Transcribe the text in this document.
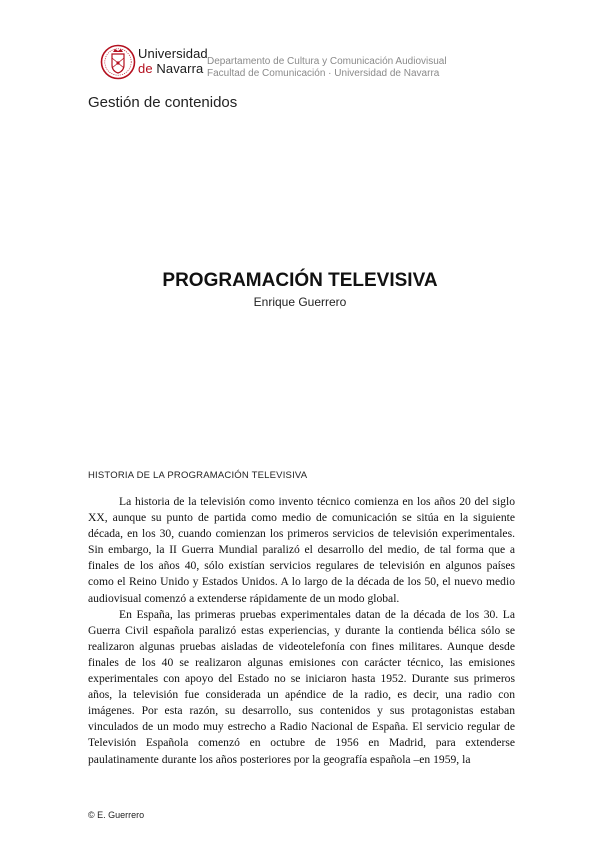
Universidad
de Navarra Departamento de Cultura y Comunicación Audiovisual
Facultad de Comunicación · Universidad de Navarra
Gestión de contenidos
PROGRAMACIÓN TELEVISIVA
Enrique Guerrero
HISTORIA DE LA PROGRAMACIÓN TELEVISIVA

La historia de la televisión como invento técnico comienza en los años 20 del siglo XX, aunque su punto de partida como medio de comunicación se sitúa en la siguiente década, en los 30, cuando comienzan los primeros servicios de televisión experimentales. Sin embargo, la II Guerra Mundial paralizó el desarrollo del medio, de tal forma que a finales de los años 40, sólo existían servicios regulares de televisión en algunos países como el Reino Unido y Estados Unidos. A lo largo de la década de los 50, el nuevo medio audiovisual comenzó a extenderse rápidamente de un modo global.

En España, las primeras pruebas experimentales datan de la década de los 30. La Guerra Civil española paralizó estas experiencias, y durante la contienda bélica sólo se realizaron algunas pruebas aisladas de videotelefonía con fines militares. Aunque desde finales de los 40 se realizaron algunas emisiones con carácter técnico, las emisiones experimentales con apoyo del Estado no se iniciaron hasta 1952. Durante sus primeros años, la televisión fue considerada un apéndice de la radio, es decir, una radio con imágenes. Por esta razón, su desarrollo, sus contenidos y sus protagonistas estaban vinculados de un modo muy estrecho a Radio Nacional de España. El servicio regular de Televisión Española comenzó en octubre de 1956 en Madrid, para extenderse paulatinamente durante los años posteriores por la geografía española –en 1959, la

© E. Guerrero
